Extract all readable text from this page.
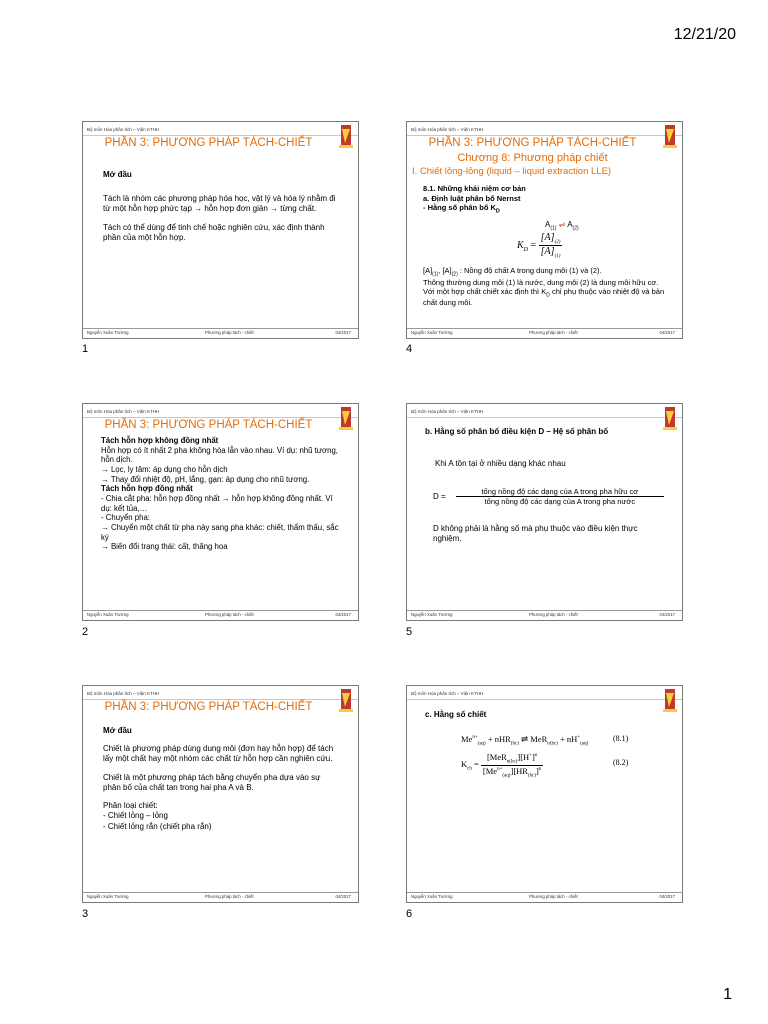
12/21/20
Bộ môn Hóa phân tích – Viện KTHH
PHẦN 3: PHƯƠNG PHÁP TÁCH-CHIẾT

Mở đầu

Tách là nhóm các phương pháp hóa học, vật lý và hóa lý nhằm đi từ một hỗn hợp phức tạp → hỗn hợp đơn giản → từng chất.

Tách có thể dùng để tinh chế hoặc nghiên cứu, xác định thành phần của một hỗn hợp.

Nguyễn Xuân Trường	Phương pháp tách - chiết	04/2017
1
Bộ môn Hóa phân tích – Viện KTHH
PHẦN 3: PHƯƠNG PHÁP TÁCH-CHIẾT
Chương 8: Phương pháp chiết
I. Chiết lỏng-lỏng (liquid – liquid extraction LLE)
8.1. Những khái niệm cơ bản
a. Định luật phân bố Nernst
- Hằng số phân bố $K_D$
$A_{(1)}$ ⇌ $A_{(2)}$
$K_D = \frac{[A]_{(2)}}{[A]_{(1)}}$
$[A]_{(1)}$, $[A]_{(2)}$ : Nồng độ chất A trong dung môi (1) và (2).
Thông thường dung môi (1) là nước, dung môi (2) là dung môi hữu cơ.
Với một hợp chất chiết xác định thì $K_D$ chỉ phụ thuộc vào nhiệt độ và bản chất dung môi.
Nguyễn Xuân Trường	Phương pháp tách - chiết	04/2017
4
Bộ môn Hóa phân tích – Viện KTHH
PHẦN 3: PHƯƠNG PHÁP TÁCH-CHIẾT
Tách hỗn hợp không đồng nhất
Hỗn hợp có ít nhất 2 pha không hòa lẫn vào nhau. Ví dụ: nhũ tương, hỗn dịch.
→ Lọc, ly tâm: áp dụng cho hỗn dịch
→ Thay đổi nhiệt độ, pH, lắng, gạn: áp dụng cho nhũ tương.
Tách hỗn hợp đồng nhất
- Chia cắt pha: hỗn hợp đồng nhất → hỗn hợp không đồng nhất. Ví dụ: kết tủa,…
- Chuyển pha:
→ Chuyển một chất từ pha này sang pha khác: chiết, thẩm thấu, sắc ký
→ Biến đổi trạng thái: cất, thăng hoa
Nguyễn Xuân Trường	Phương pháp tách - chiết	04/2017
2
Bộ môn Hóa phân tích – Viện KTHH
b. Hằng số phân bố điều kiện D – Hệ số phân bố
Khi A tồn tại ở nhiều dạng khác nhau
$D = \frac{\text{tổng nồng độ các dạng của A trong pha hữu cơ}}{\text{tổng nồng độ các dạng của A trong pha nước}}$
D không phải là hằng số mà phụ thuộc vào điều kiện thực nghiệm.
Nguyễn Xuân Trường	Phương pháp tách - chiết	04/2017
5
Bộ môn Hóa phân tích – Viện KTHH
PHẦN 3: PHƯƠNG PHÁP TÁCH-CHIẾT

Mở đầu

Chiết là phương pháp dùng dung môi (đơn hay hỗn hợp) để tách lấy một chất hay một nhóm các chất từ hỗn hợp cần nghiên cứu.

Chiết là một phương pháp tách bằng chuyển pha dựa vào sự phân bố của chất tan trong hai pha A và B.

Phân loại chiết:

- Chiết lỏng – lỏng
- Chiết lỏng rắn (chiết pha rắn)
Nguyễn Xuân Trường	Phương pháp tách - chiết	04/2017
3
Bộ môn Hóa phân tích – Viện KTHH
c. Hằng số chiết
$Me^{n+}_{(aq)} + nHR_{(hc)}$ ⇌ $MeR_{n(hc)} + nH^+_{(aq)}$
(8.1)
$K_{ch} = \frac{[MeR_{n(hc)}][H^+]^n}{[Me^{n+}_{(aq)}][HR_{(hc)}]^n}$	(8.2)
Nguyễn Xuân Trường	Phương pháp tách - chiết	04/2017
6
1
